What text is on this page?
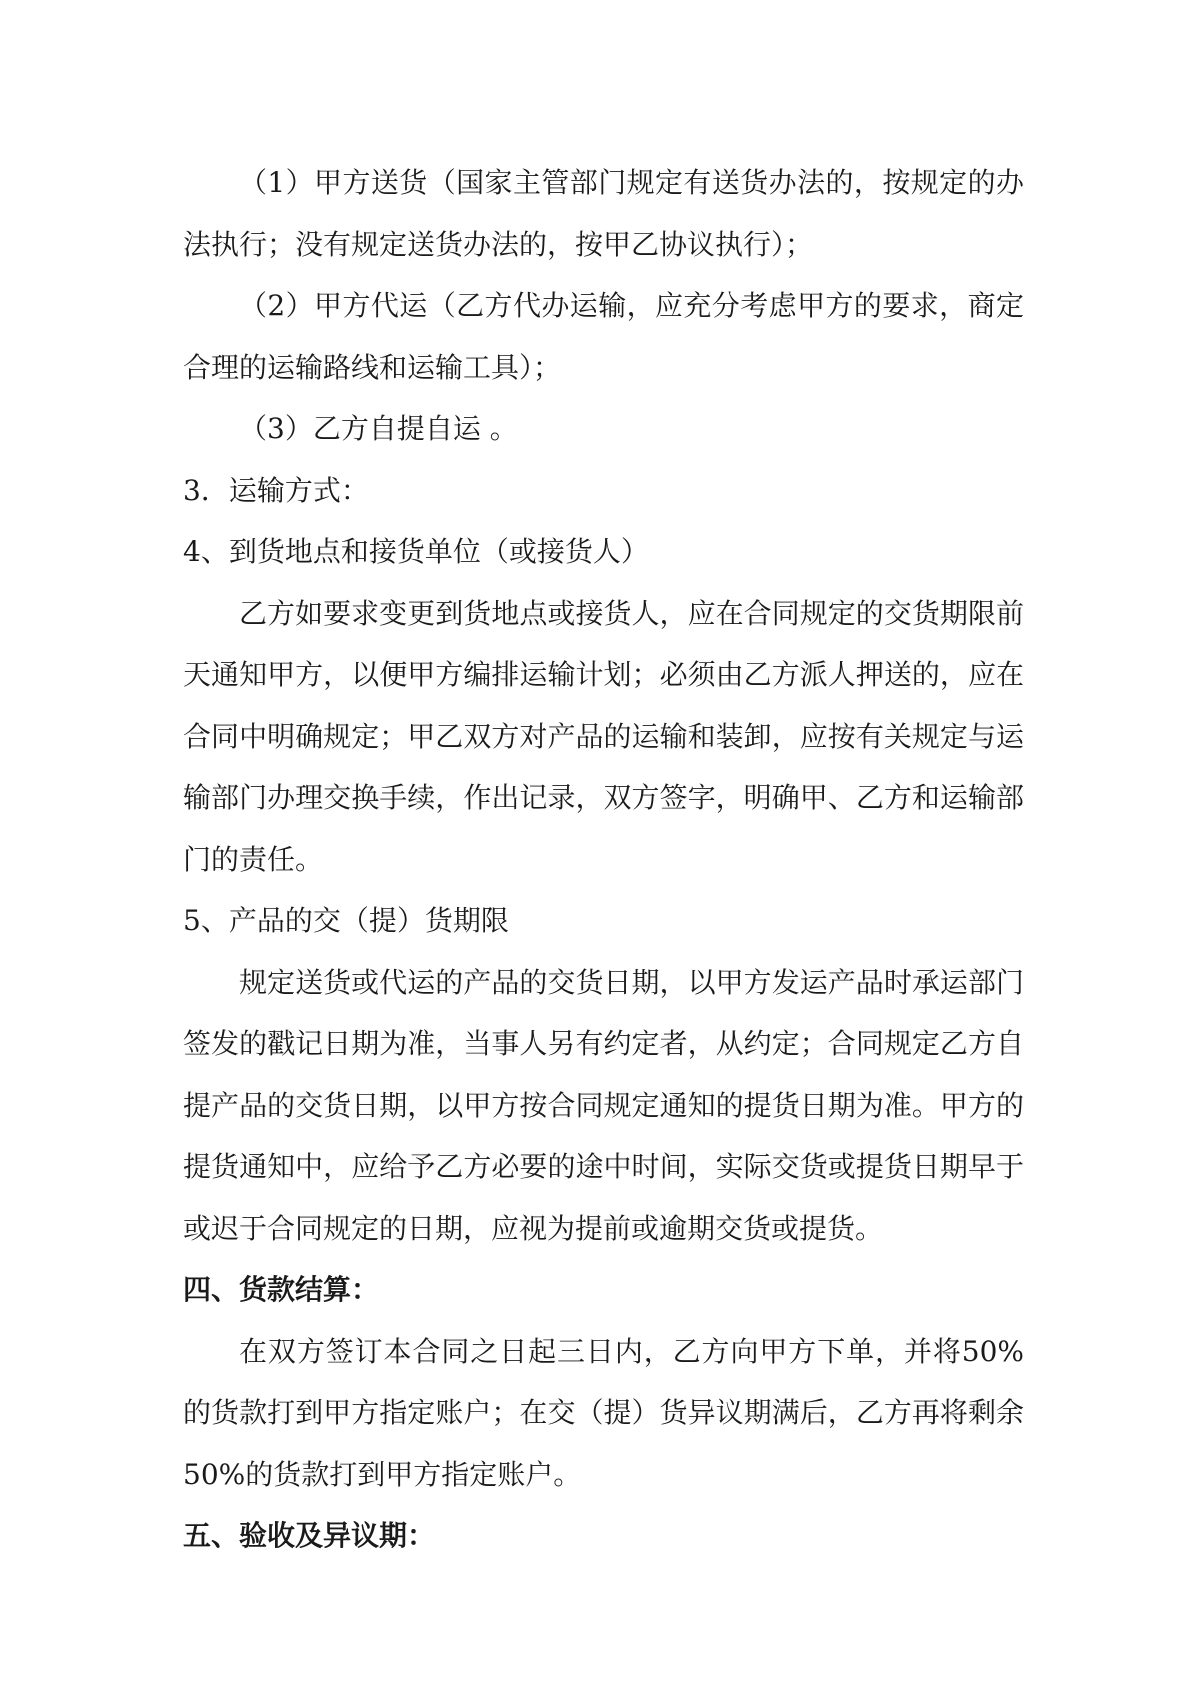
（1）甲方送货（国家主管部门规定有送货办法的，按规定的办法执行；没有规定送货办法的，按甲乙协议执行）；

（2）甲方代运（乙方代办运输，应充分考虑甲方的要求，商定合理的运输路线和运输工具）；

（3）乙方自提自运 。

3．运输方式：

4、到货地点和接货单位（或接货人）

乙方如要求变更到货地点或接货人，应在合同规定的交货期限前天通知甲方，以便甲方编排运输计划；必须由乙方派人押送的，应在合同中明确规定；甲乙双方对产品的运输和装卸，应按有关规定与运输部门办理交换手续，作出记录，双方签字，明确甲、乙方和运输部门的责任。

5、产品的交（提）货期限

规定送货或代运的产品的交货日期，以甲方发运产品时承运部门签发的戳记日期为准，当事人另有约定者，从约定；合同规定乙方自提产品的交货日期，以甲方按合同规定通知的提货日期为准。甲方的提货通知中，应给予乙方必要的途中时间，实际交货或提货日期早于或迟于合同规定的日期，应视为提前或逾期交货或提货。

四、货款结算：

在双方签订本合同之日起三日内，乙方向甲方下单，并将50%的货款打到甲方指定账户；在交（提）货异议期满后，乙方再将剩余50%的货款打到甲方指定账户。

五、验收及异议期：
